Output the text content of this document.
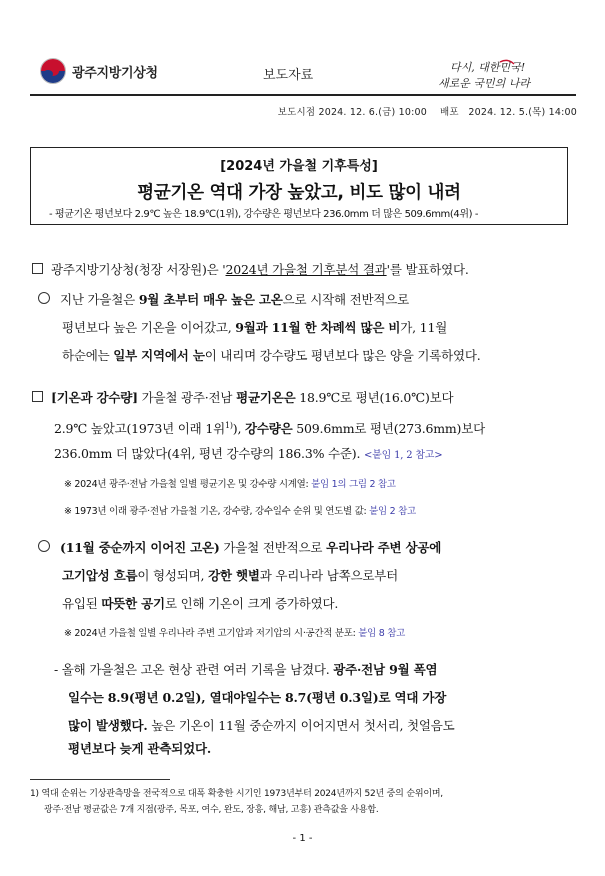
광주지방기상청	보도자료
다시, 대한민국!
새로운 국민의 나라
보도시점 2024. 12. 6.(금) 10:00 배포 2024. 12. 5.(목) 14:00
[2024년 가을철 기후특성]
평균기온 역대 가장 높았고, 비도 많이 내려
- 평균기온 평년보다 2.9℃ 높은 18.9℃(1위), 강수량은 평년보다 236.0mm 더 많은 509.6mm(4위) -
광주지방기상청(청장 서장원)은 '2024년 가을철 기후분석 결과'를 발표하였다.
지난 가을철은 9월 초부터 매우 높은 고온으로 시작해 전반적으로
평년보다 높은 기온을 이어갔고, 9월과 11월 한 차례씩 많은 비가, 11월
하순에는 일부 지역에서 눈이 내리며 강수량도 평년보다 많은 양을 기록하였다.
[기온과 강수량] 가을철 광주·전남 평균기온은 18.9℃로 평년(16.0℃)보다
2.9℃ 높았고(1973년 이래 1위$^{1)}$), 강수량은 509.6mm로 평년(273.6mm)보다
236.0mm 더 많았다(4위, 평년 강수량의 186.3% 수준). <붙임 1, 2 참고>
※ 2024년 광주·전남 가을철 일별 평균기온 및 강수량 시계열: 붙임 1의 그림 2 참고
※ 1973년 이래 광주·전남 가을철 기온, 강수량, 강수일수 순위 및 연도별 값: 붙임 2 참고
(11월 중순까지 이어진 고온) 가을철 전반적으로 우리나라 주변 상공에
고기압성 흐름이 형성되며, 강한 햇볕과 우리나라 남쪽으로부터
유입된 따뜻한 공기로 인해 기온이 크게 증가하였다.
※ 2024년 가을철 일별 우리나라 주변 고기압과 저기압의 시·공간적 분포: 붙임 8 참고
- 올해 가을철은 고온 현상 관련 여러 기록을 남겼다. 광주·전남 9월 폭염
일수는 8.9(평년 0.2일), 열대야일수는 8.7(평년 0.3일)로 역대 가장
많이 발생했다. 높은 기온이 11월 중순까지 이어지면서 첫서리, 첫얼음도
평년보다 늦게 관측되었다.
1) 역대 순위는 기상관측망을 전국적으로 대폭 확충한 시기인 1973년부터 2024년까지 52년 중의 순위이며,
광주·전남 평균값은 7개 지점(광주, 목포, 여수, 완도, 장흥, 해남, 고흥) 관측값을 사용함.
- 1 -
